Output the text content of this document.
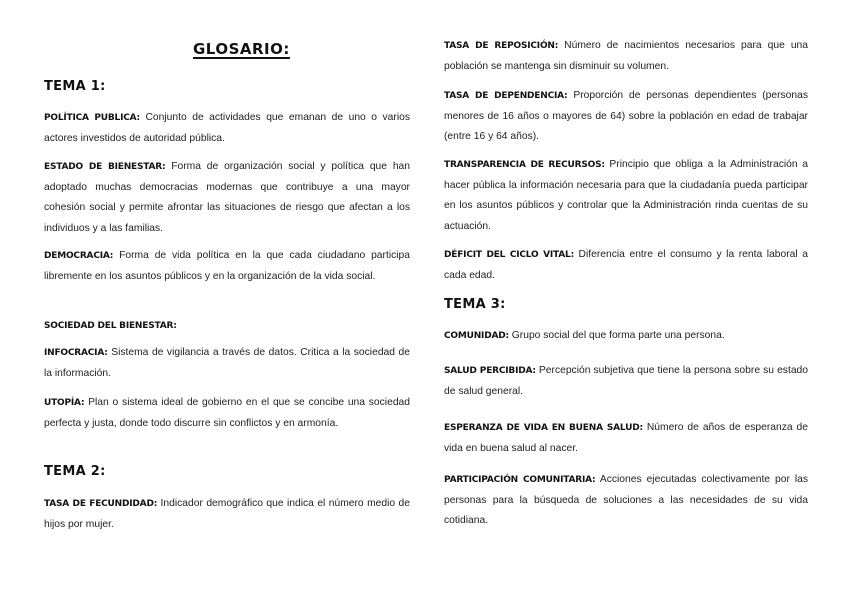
GLOSARIO:
TEMA 1:
POLÍTICA PUBLICA: Conjunto de actividades que emanan de uno o varios actores investidos de autoridad pública.
ESTADO DE BIENESTAR: Forma de organización social y política que han adoptado muchas democracias modernas que contribuye a una mayor cohesión social y permite afrontar las situaciones de riesgo que afectan a los individuos y a las familias.
DEMOCRACIA: Forma de vida política en la que cada ciudadano participa libremente en los asuntos públicos y en la organización de la vida social.
SOCIEDAD DEL BIENESTAR:
INFOCRACIA: Sistema de vigilancia a través de datos. Critica a la sociedad de la información.
UTOPÍA: Plan o sistema ideal de gobierno en el que se concibe una sociedad perfecta y justa, donde todo discurre sin conflictos y en armonía.
TEMA 2:
TASA DE FECUNDIDAD: Indicador demográfico que indica el número medio de hijos por mujer.
TASA DE REPOSICIÓN: Número de nacimientos necesarios para que una población se mantenga sin disminuir su volumen.
TASA DE DEPENDENCIA: Proporción de personas dependientes (personas menores de 16 años o mayores de 64) sobre la población en edad de trabajar (entre 16 y 64 años).
TRANSPARENCIA DE RECURSOS: Principio que obliga a la Administración a hacer pública la información necesaria para que la ciudadanía pueda participar en los asuntos públicos y controlar que la Administración rinda cuentas de su actuación.
DÉFICIT DEL CICLO VITAL: Diferencia entre el consumo y la renta laboral a cada edad.
TEMA 3:
COMUNIDAD: Grupo social del que forma parte una persona.
SALUD PERCIBIDA: Percepción subjetiva que tiene la persona sobre su estado de salud general.
ESPERANZA DE VIDA EN BUENA SALUD: Número de años de esperanza de vida en buena salud al nacer.
PARTICIPACIÓN COMUNITARIA: Acciones ejecutadas colectivamente por las personas para la búsqueda de soluciones a las necesidades de su vida cotidiana.
